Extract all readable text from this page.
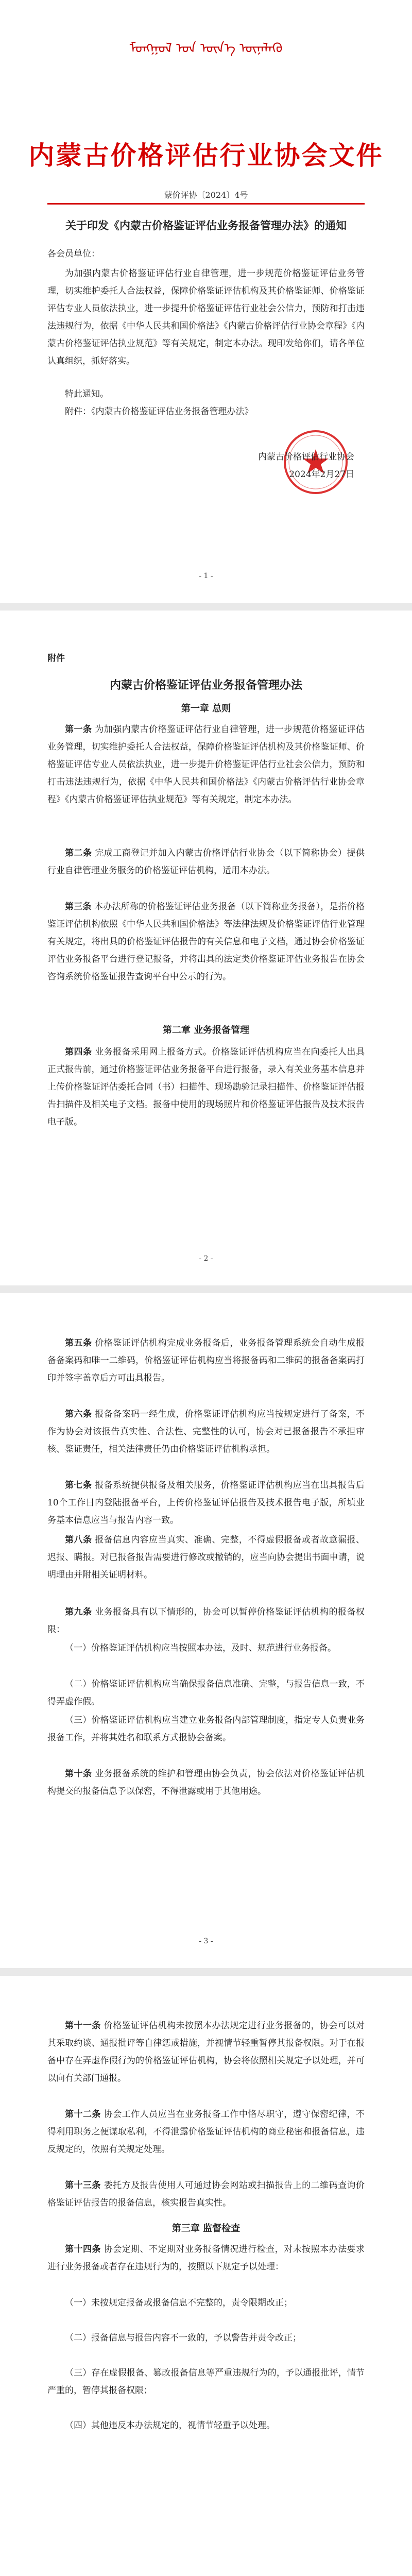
ᠮᠣᠩᠭᠣᠯ ᠤᠨ ᠦᠨ᠎ᠡ ᠦᠨᠡᠯᠡᠬᠦ
内蒙古价格评估行业协会文件
蒙价评协〔2024〕4号
关于印发《内蒙古价格鉴证评估业务报备管理办法》的通知
各会员单位：
为加强内蒙古价格鉴证评估行业自律管理，进一步规范价格鉴证评估业务管理，切实维护委托人合法权益，保障价格鉴证评估机构及其价格鉴证师、价格鉴证评估专业人员依法执业，进一步提升价格鉴证评估行业社会公信力，预防和打击违法违规行为，依据《中华人民共和国价格法》《内蒙古价格评估行业协会章程》《内蒙古价格鉴证评估执业规范》等有关规定，制定本办法。现印发给你们，请各单位认真组织，抓好落实。
特此通知。
附件：《内蒙古价格鉴证评估业务报备管理办法》
内蒙古价格评估行业协会
2024年2月27日
- 1 -
附件
内蒙古价格鉴证评估业务报备管理办法
第一章 总则
第一条 为加强内蒙古价格鉴证评估行业自律管理，进一步规范价格鉴证评估业务管理，切实维护委托人合法权益，保障价格鉴证评估机构及其价格鉴证师、价格鉴证评估专业人员依法执业，进一步提升价格鉴证评估行业社会公信力，预防和打击违法违规行为，依据《中华人民共和国价格法》《内蒙古价格评估行业协会章程》《内蒙古价格鉴证评估执业规范》等有关规定，制定本办法。
第二条 完成工商登记并加入内蒙古价格评估行业协会（以下简称协会）提供行业自律管理业务服务的价格鉴证评估机构，适用本办法。
第三条 本办法所称的价格鉴证评估业务报备（以下简称业务报备），是指价格鉴证评估机构依照《中华人民共和国价格法》等法律法规及价格鉴证评估行业管理有关规定，将出具的价格鉴证评估报告的有关信息和电子文档，通过协会价格鉴证评估业务报备平台进行登记报备，并将出具的法定类价格鉴证评估业务报告在协会咨询系统价格鉴证报告查询平台中公示的行为。
第二章 业务报备管理
第四条 业务报备采用网上报备方式。价格鉴证评估机构应当在向委托人出具正式报告前，通过价格鉴证评估业务报备平台进行报备，录入有关业务基本信息并上传价格鉴证评估委托合同（书）扫描件、现场勘验记录扫描件、价格鉴证评估报告扫描件及相关电子文档。报备中使用的现场照片和价格鉴证评估报告及技术报告电子版。
- 2 -
第五条 价格鉴证评估机构完成业务报备后，业务报备管理系统会自动生成报备备案码和唯一二维码，价格鉴证评估机构应当将报备码和二维码的报备备案码打印并签字盖章后方可出具报告。
第六条 报备备案码一经生成，价格鉴证评估机构应当按规定进行了备案，不作为协会对该报告真实性、合法性、完整性的认可，协会对已报备报告不承担审核、鉴证责任，相关法律责任仍由价格鉴证评估机构承担。
第七条 报备系统提供报备及相关服务，价格鉴证评估机构应当在出具报告后10个工作日内登陆报备平台，上传价格鉴证评估报告及技术报告电子版，所填业务基本信息应当与报告内容一致。
第八条 报备信息内容应当真实、准确、完整，不得虚假报备或者故意漏报、迟报、瞒报。对已报备报告需要进行修改或撤销的，应当向协会提出书面申请，说明理由并附相关证明材料。
第九条 业务报备具有以下情形的，协会可以暂停价格鉴证评估机构的报备权限：
（一）价格鉴证评估机构应当按照本办法，及时、规范进行业务报备。
（二）价格鉴证评估机构应当确保报备信息准确、完整，与报告信息一致，不得弄虚作假。
（三）价格鉴证评估机构应当建立业务报备内部管理制度，指定专人负责业务报备工作，并将其姓名和联系方式报协会备案。
第十条 业务报备系统的维护和管理由协会负责，协会依法对价格鉴证评估机构提交的报备信息予以保密，不得泄露或用于其他用途。
- 3 -
第十一条 价格鉴证评估机构未按照本办法规定进行业务报备的，协会可以对其采取约谈、通报批评等自律惩戒措施，并视情节轻重暂停其报备权限。对于在报备中存在弄虚作假行为的价格鉴证评估机构，协会将依照相关规定予以处理，并可以向有关部门通报。
第十二条 协会工作人员应当在业务报备工作中恪尽职守，遵守保密纪律，不得利用职务之便谋取私利，不得泄露价格鉴证评估机构的商业秘密和报备信息，违反规定的，依照有关规定处理。
第十三条 委托方及报告使用人可通过协会网站或扫描报告上的二维码查询价格鉴证评估报告的报备信息，核实报告真实性。
第三章 监督检查
第十四条 协会定期、不定期对业务报备情况进行检查，对未按照本办法要求进行业务报备或者存在违规行为的，按照以下规定予以处理：
（一）未按规定报备或报备信息不完整的，责令限期改正；
（二）报备信息与报告内容不一致的，予以警告并责令改正；
（三）存在虚假报备、篡改报备信息等严重违规行为的，予以通报批评，情节严重的，暂停其报备权限；
（四）其他违反本办法规定的，视情节轻重予以处理。
